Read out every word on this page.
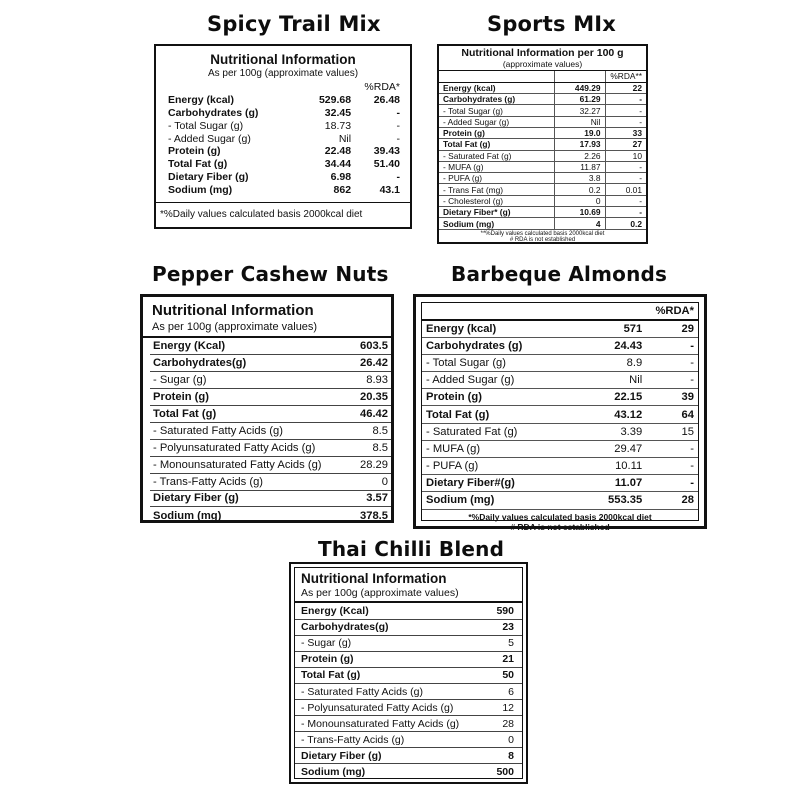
Spicy Trail Mix
Nutritional Information
As per 100g (approximate values)
		%RDA*
Energy (kcal)	529.68	26.48
Carbohydrates (g)	32.45	-
- Total Sugar (g)	18.73	-
- Added Sugar (g)	Nil	-
Protein (g)	22.48	39.43
Total Fat (g)	34.44	51.40
Dietary Fiber (g)	6.98	-
Sodium (mg)	862	43.1
*%Daily values calculated basis 2000kcal diet
Sports MIx
Nutritional Information per 100 g
(approximate values)
		%RDA**
Energy (kcal)	449.29	22
Carbohydrates (g)	61.29	-
- Total Sugar (g)	32.27	-
- Added Sugar (g)	Nil	-
Protein (g)	19.0	33
Total Fat (g)	17.93	27
- Saturated Fat (g)	2.26	10
- MUFA (g)	11.87	-
- PUFA (g)	3.8	-
- Trans Fat (mg)	0.2	0.01
- Cholesterol (g)	0	-
Dietary Fiber* (g)	10.69	-
Sodium (mg)	4	0.2
**%Daily values calculated basis 2000kcal diet
# RDA is not established
Pepper Cashew Nuts
Nutritional Information
As per 100g (approximate values)
Energy (Kcal)	603.5
Carbohydrates(g)	26.42
- Sugar (g)	8.93
Protein (g)	20.35
Total Fat (g)	46.42
- Saturated Fatty Acids (g)	8.5
- Polyunsaturated Fatty Acids (g)	8.5
- Monounsaturated Fatty Acids (g)	28.29
- Trans-Fatty Acids (g)	0
Dietary Fiber (g)	3.57
Sodium (mg)	378.5
Barbeque Almonds
		%RDA*
Energy (kcal)	571	29
Carbohydrates (g)	24.43	-
- Total Sugar (g)	8.9	-
- Added Sugar (g)	Nil	-
Protein (g)	22.15	39
Total Fat (g)	43.12	64
- Saturated Fat (g)	3.39	15
- MUFA (g)	29.47	-
- PUFA (g)	10.11	-
Dietary Fiber#(g)	11.07	-
Sodium (mg)	553.35	28
*%Daily values calculated basis 2000kcal diet
# RDA is not established
Thai Chilli Blend
Nutritional Information
As per 100g (approximate values)
Energy (Kcal)	590
Carbohydrates(g)	23
- Sugar (g)	5
Protein (g)	21
Total Fat (g)	50
- Saturated Fatty Acids (g)	6
- Polyunsaturated Fatty Acids (g)	12
- Monounsaturated Fatty Acids (g)	28
- Trans-Fatty Acids (g)	0
Dietary Fiber (g)	8
Sodium (mg)	500
